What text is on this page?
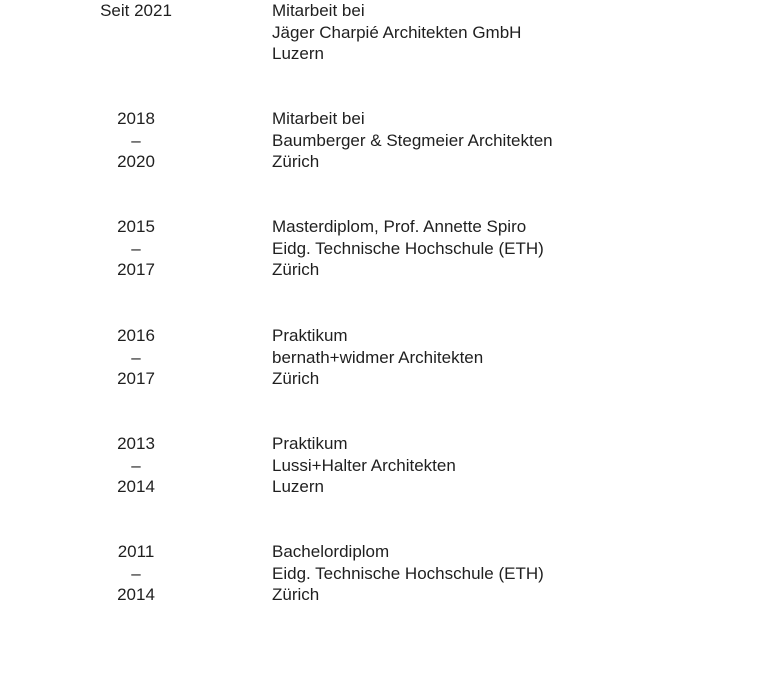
Seit 2021	Mitarbeit bei
Jäger Charpié Architekten GmbH
Luzern
2018
–
2020
Mitarbeit bei
Baumberger & Stegmeier Architekten
Zürich
2015
–
2017
Masterdiplom, Prof. Annette Spiro
Eidg. Technische Hochschule (ETH)
Zürich
2016
–
2017
Praktikum
bernath+widmer Architekten
Zürich
2013
–
2014
Praktikum
Lussi+Halter Architekten
Luzern
2011
–
2014
Bachelordiplom
Eidg. Technische Hochschule (ETH)
Zürich
